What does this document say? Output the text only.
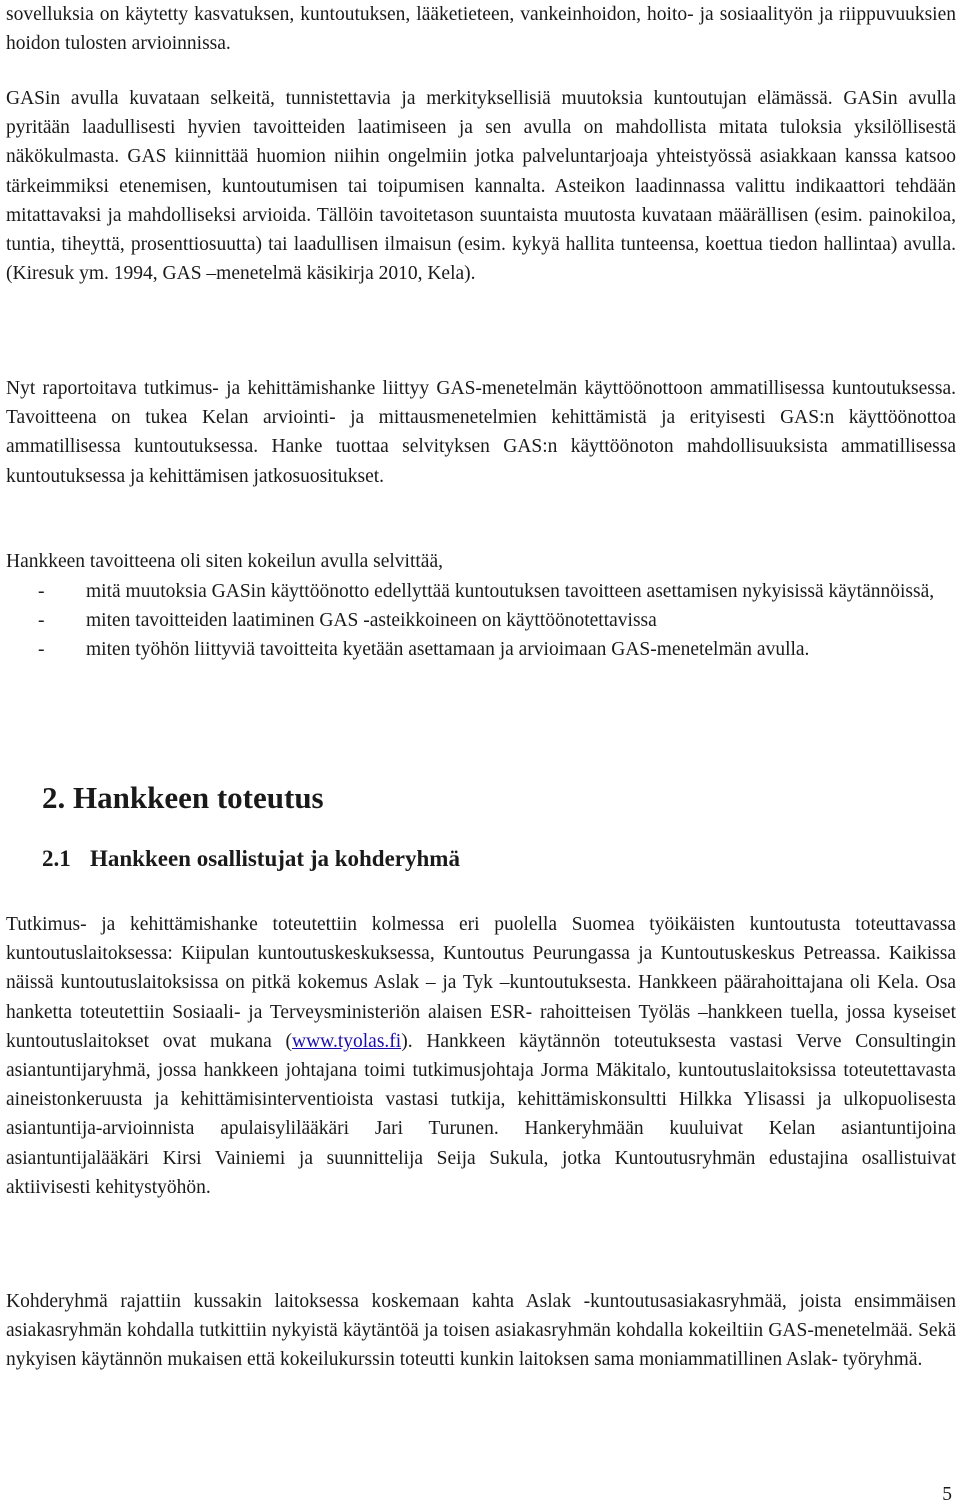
sovelluksia on käytetty kasvatuksen, kuntoutuksen, lääketieteen, vankeinhoidon, hoito- ja sosiaalityön ja riippuvuuksien hoidon tulosten arvioinnissa.

GASin avulla kuvataan selkeitä, tunnistettavia ja merkityksellisiä muutoksia kuntoutujan elämässä. GASin avulla pyritään laadullisesti hyvien tavoitteiden laatimiseen ja sen avulla on mahdollista mitata tuloksia yksilöllisestä näkökulmasta. GAS kiinnittää huomion niihin ongelmiin jotka palveluntarjoaja yhteistyössä asiakkaan kanssa katsoo tärkeimmiksi etenemisen, kuntoutumisen tai toipumisen kannalta. Asteikon laadinnassa valittu indikaattori tehdään mitattavaksi ja mahdolliseksi arvioida. Tällöin tavoitetason suuntaista muutosta kuvataan määrällisen (esim. painokiloa, tuntia, tiheyttä, prosenttiosuutta) tai laadullisen ilmaisun (esim. kykyä hallita tunteensa, koettua tiedon hallintaa) avulla. (Kiresuk ym. 1994, GAS –menetelmä käsikirja 2010, Kela).

Nyt raportoitava tutkimus- ja kehittämishanke liittyy GAS-menetelmän käyttöönottoon ammatillisessa kuntoutuksessa. Tavoitteena on tukea Kelan arviointi- ja mittausmenetelmien kehittämistä ja erityisesti GAS:n käyttöönottoa ammatillisessa kuntoutuksessa. Hanke tuottaa selvityksen GAS:n käyttöönoton mahdollisuuksista ammatillisessa kuntoutuksessa ja kehittämisen jatkosuositukset.

Hankkeen tavoitteena oli siten kokeilun avulla selvittää,

- mitä muutoksia GASin käyttöönotto edellyttää kuntoutuksen tavoitteen asettamisen nykyisissä käytännöissä,
- miten tavoitteiden laatiminen GAS -asteikkoineen on käyttöönotettavissa
- miten työhön liittyviä tavoitteita kyetään asettamaan ja arvioimaan GAS-menetelmän avulla.
2. Hankkeen toteutus
2.1 Hankkeen osallistujat ja kohderyhmä

Tutkimus- ja kehittämishanke toteutettiin kolmessa eri puolella Suomea työikäisten kuntoutusta toteuttavassa kuntoutuslaitoksessa: Kiipulan kuntoutuskeskuksessa, Kuntoutus Peurungassa ja Kuntoutuskeskus Petreassa. Kaikissa näissä kuntoutuslaitoksissa on pitkä kokemus Aslak – ja Tyk –kuntoutuksesta. Hankkeen päärahoittajana oli Kela. Osa hanketta toteutettiin Sosiaali- ja Terveysministeriön alaisen ESR- rahoitteisen Työläs –hankkeen tuella, jossa kyseiset kuntoutuslaitokset ovat mukana (www.tyolas.fi). Hankkeen käytännön toteutuksesta vastasi Verve Consultingin asiantuntijaryhmä, jossa hankkeen johtajana toimi tutkimusjohtaja Jorma Mäkitalo, kuntoutuslaitoksissa toteutettavasta aineistonkeruusta ja kehittämisinterventioista vastasi tutkija, kehittämiskonsultti Hilkka Ylisassi ja ulkopuolisesta asiantuntija-arvioinnista apulaisylilääkäri Jari Turunen. Hankeryhmään kuuluivat Kelan asiantuntijoina asiantuntijalääkäri Kirsi Vainiemi ja suunnittelija Seija Sukula, jotka Kuntoutusryhmän edustajina osallistuivat aktiivisesti kehitystyöhön.

Kohderyhmä rajattiin kussakin laitoksessa koskemaan kahta Aslak -kuntoutusasiakasryhmää, joista ensimmäisen asiakasryhmän kohdalla tutkittiin nykyistä käytäntöä ja toisen asiakasryhmän kohdalla kokeiltiin GAS-menetelmää. Sekä nykyisen käytännön mukaisen että kokeilukurssin toteutti kunkin laitoksen sama moniammatillinen Aslak- työryhmä.

5
